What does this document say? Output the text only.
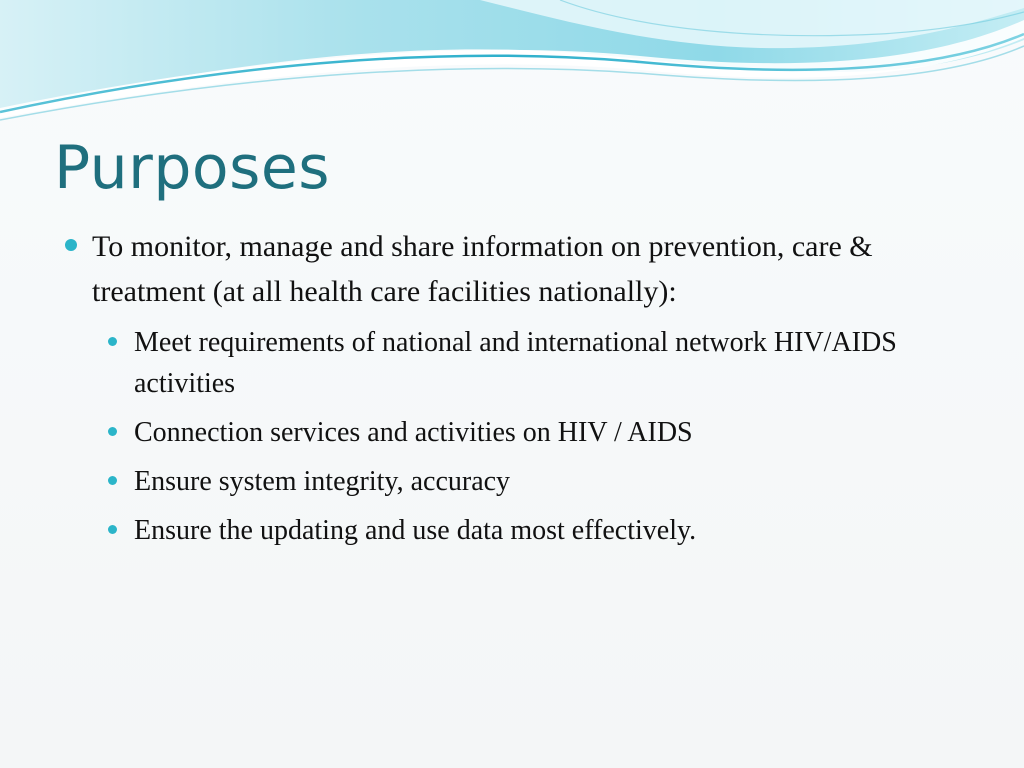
Purposes
To monitor, manage and share information on prevention, care & treatment (at all health care facilities nationally):
Meet requirements of national and international network HIV/AIDS activities
Connection services and activities on HIV / AIDS
Ensure system integrity, accuracy
Ensure the updating and use data most effectively.
